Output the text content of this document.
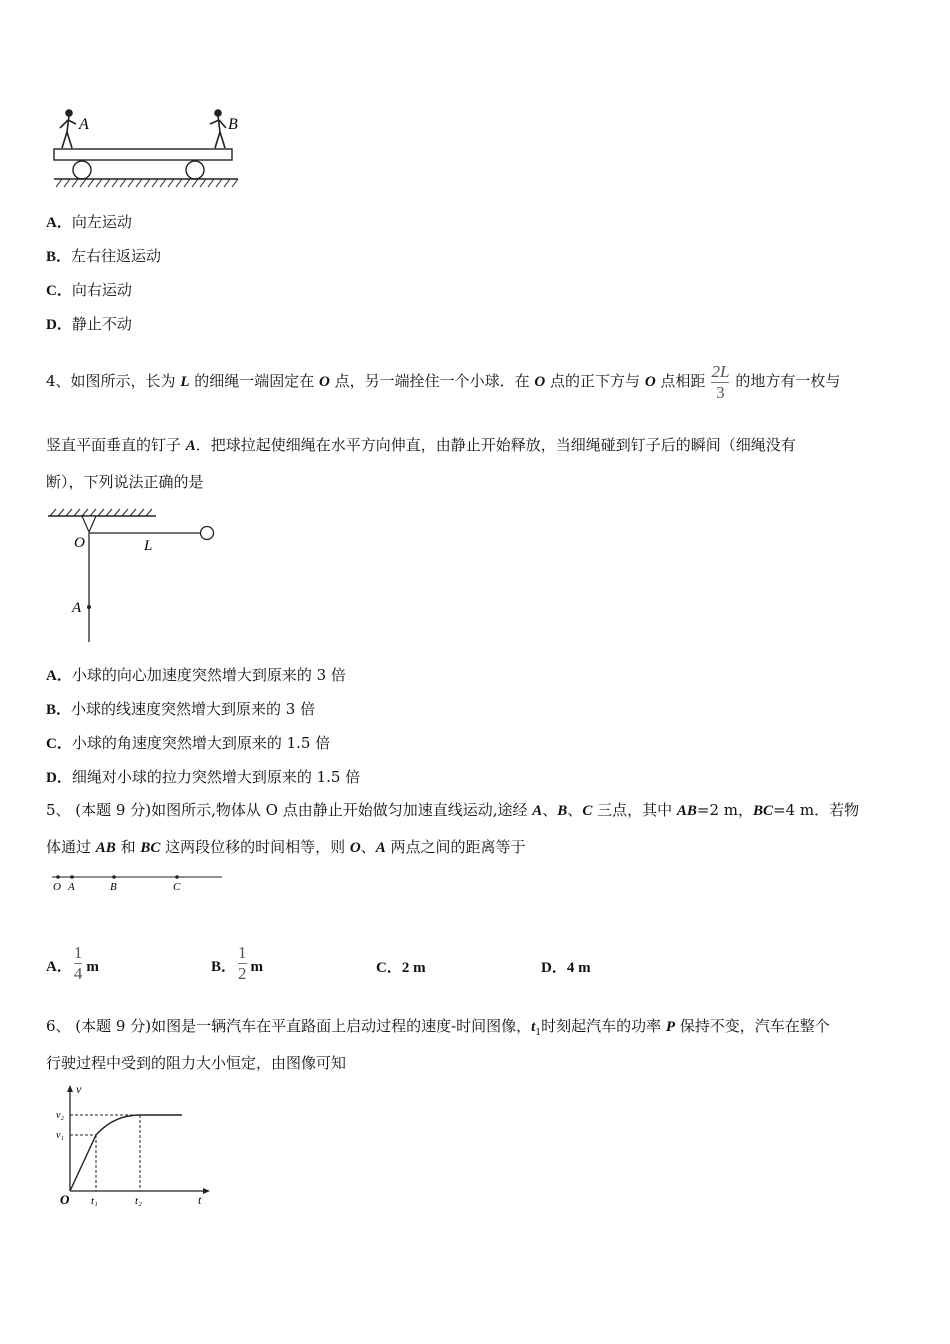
A	B
A．向左运动
B．左右往返运动
C．向右运动
D．静止不动
4、如图所示，长为 L 的细绳一端固定在 O 点，另一端拴住一个小球．在 O 点的正下方与 O 点相距 $\frac{2L}{3}$ 的地方有一枚与
竖直平面垂直的钉子 A．把球拉起使细绳在水平方向伸直，由静止开始释放，当细绳碰到钉子后的瞬间（细绳没有
断），下列说法正确的是
O	L
A
A．小球的向心加速度突然增大到原来的 3 倍
B．小球的线速度突然增大到原来的 3 倍
C．小球的角速度突然增大到原来的 1.5 倍
D．细绳对小球的拉力突然增大到原来的 1.5 倍
5、 (本题 9 分)如图所示,物体从 O 点由静止开始做匀加速直线运动,途经 A、B、C 三点，其中 AB=2 m，BC=4 m．若物
体通过 AB 和 BC 这两段位移的时间相等，则 O、A 两点之间的距离等于
O A	B	C
A． $\frac{1}{4}$ m	B． $\frac{1}{2}$ m	C．2 m	D．4 m
6、 (本题 9 分)如图是一辆汽车在平直路面上启动过程的速度-时间图像，$t_1$时刻起汽车的功率 P 保持不变，汽车在整个
行驶过程中受到的阻力大小恒定，由图像可知
v
v₂
v₁
O t₁	t₂	t
